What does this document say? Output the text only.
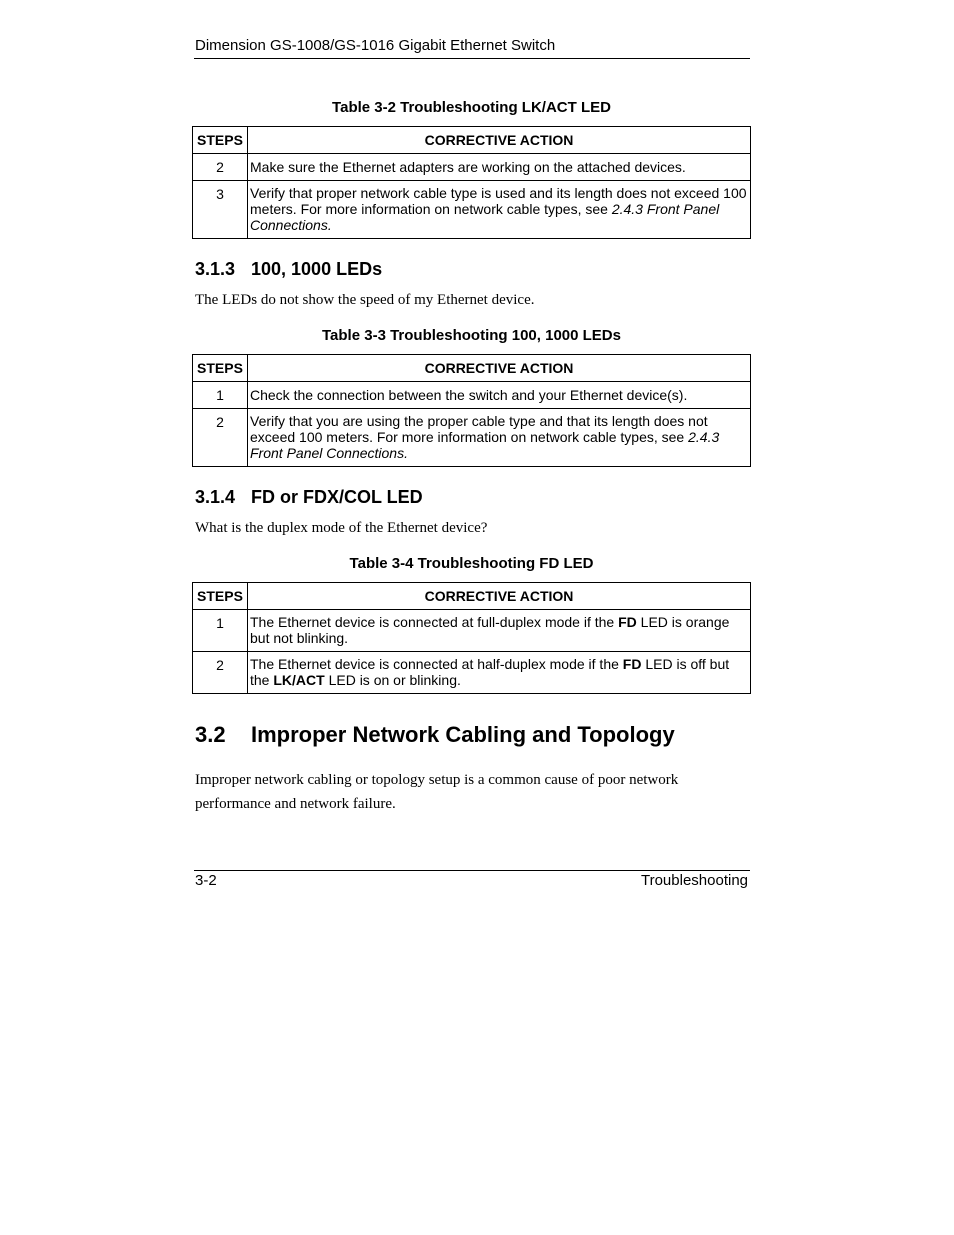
Dimension GS-1008/GS-1016 Gigabit Ethernet Switch
Table 3-2 Troubleshooting LK/ACT LED
STEPS	CORRECTIVE ACTION
2	Make sure the Ethernet adapters are working on the attached devices.
3	Verify that proper network cable type is used and its length does not exceed 100 meters. For more information on network cable types, see 2.4.3 Front Panel Connections.
3.1.3 100, 1000 LEDs
The LEDs do not show the speed of my Ethernet device.
Table 3-3 Troubleshooting 100, 1000 LEDs
STEPS	CORRECTIVE ACTION
1	Check the connection between the switch and your Ethernet device(s).
2	Verify that you are using the proper cable type and that its length does not exceed 100 meters. For more information on network cable types, see 2.4.3 Front Panel Connections.
3.1.4 FD or FDX/COL LED
What is the duplex mode of the Ethernet device?
Table 3-4 Troubleshooting FD LED
STEPS	CORRECTIVE ACTION
1	The Ethernet device is connected at full-duplex mode if the FD LED is orange but not blinking.
2	The Ethernet device is connected at half-duplex mode if the FD LED is off but the LK/ACT LED is on or blinking.
3.2 Improper Network Cabling and Topology
Improper network cabling or topology setup is a common cause of poor network performance and network failure.
3-2	Troubleshooting
